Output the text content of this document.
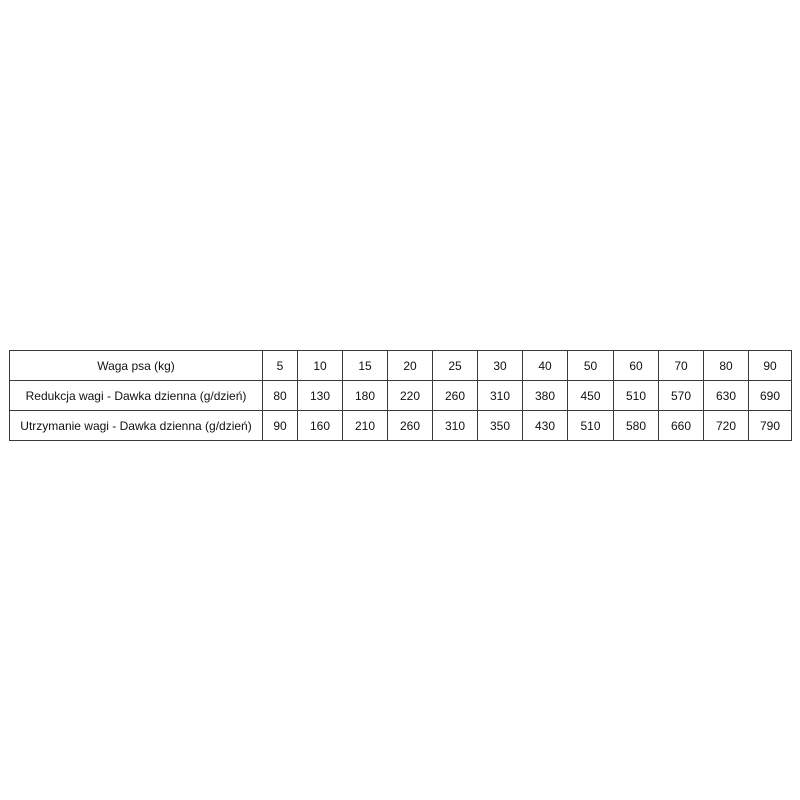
Waga psa (kg)	5	10	15	20	25	30	40	50	60	70	80	90
Redukcja wagi - Dawka dzienna (g/dzień)	80	130	180	220	260	310	380	450	510	570	630	690
Utrzymanie wagi - Dawka dzienna (g/dzień)	90	160	210	260	310	350	430	510	580	660	720	790
